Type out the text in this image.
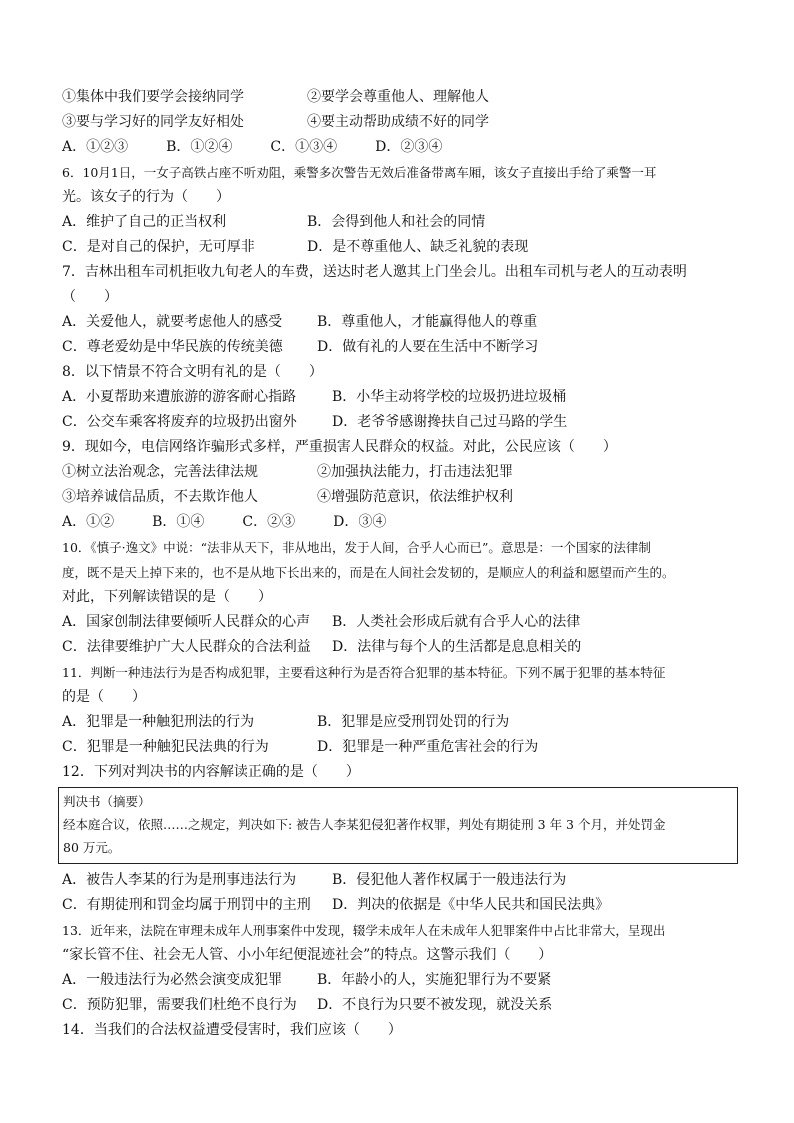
①集体中我们要学会接纳同学	②要学会尊重他人、理解他人
③要与学习好的同学友好相处	④要主动帮助成绩不好的同学
A．①②③	B．①②④	C．①③④	D．②③④
6．10月1日，一女子高铁占座不听劝阻，乘警多次警告无效后准备带离车厢，该女子直接出手给了乘警一耳
光。该女子的行为（　　）
A．维护了自己的正当权利	B．会得到他人和社会的同情
C．是对自己的保护，无可厚非	D．是不尊重他人、缺乏礼貌的表现
7．吉林出租车司机拒收九旬老人的车费，送达时老人邀其上门坐会儿。出租车司机与老人的互动表明
（　　）
A．关爱他人，就要考虑他人的感受	B．尊重他人，才能赢得他人的尊重
C．尊老爱幼是中华民族的传统美德	D．做有礼的人要在生活中不断学习
8．以下情景不符合文明有礼的是（　　）
A．小夏帮助来遭旅游的游客耐心指路	B．小华主动将学校的垃圾扔进垃圾桶
C．公交车乘客将废弃的垃圾扔出窗外	D．老爷爷感谢搀扶自己过马路的学生
9．现如今，电信网络诈骗形式多样，严重损害人民群众的权益。对此，公民应该（　　）
①树立法治观念，完善法律法规	②加强执法能力，打击违法犯罪
③培养诚信品质，不去欺诈他人	④增强防范意识，依法维护权利
A．①②	B．①④	C．②③	D．③④
10．《慎子·逸文》中说：“法非从天下，非从地出，发于人间，合乎人心而已”。意思是：一个国家的法律制
度，既不是天上掉下来的，也不是从地下长出来的，而是在人间社会发韧的，是顺应人的利益和愿望而产生的。
对此，下列解读错误的是（　　）
A．国家创制法律要倾听人民群众的心声	B．人类社会形成后就有合乎人心的法律
C．法律要维护广大人民群众的合法利益	D．法律与每个人的生活都是息息相关的
11．判断一种违法行为是否构成犯罪，主要看这种行为是否符合犯罪的基本特征。下列不属于犯罪的基本特征
的是（　　）
A．犯罪是一种触犯刑法的行为	B．犯罪是应受刑罚处罚的行为
C．犯罪是一种触犯民法典的行为	D．犯罪是一种严重危害社会的行为
12．下列对判决书的内容解读正确的是（　　）
判决书（摘要）
经本庭合议，依照……之规定，判决如下: 被告人李某犯侵犯著作权罪，判处有期徒刑 3 年 3 个月，并处罚金
80 万元。
A．被告人李某的行为是刑事违法行为	B．侵犯他人著作权属于一般违法行为
C．有期徒刑和罚金均属于刑罚中的主刑	D．判决的依据是《中华人民共和国民法典》
13．近年来，法院在审理未成年人刑事案件中发现，辍学未成年人在未成年人犯罪案件中占比非常大，呈现出
“家长管不住、社会无人管、小小年纪便混迹社会”的特点。这警示我们（　　）
A．一般违法行为必然会演变成犯罪	B．年龄小的人，实施犯罪行为不要紧
C．预防犯罪，需要我们杜绝不良行为	D．不良行为只要不被发现，就没关系
14．当我们的合法权益遭受侵害时，我们应该（　　）
